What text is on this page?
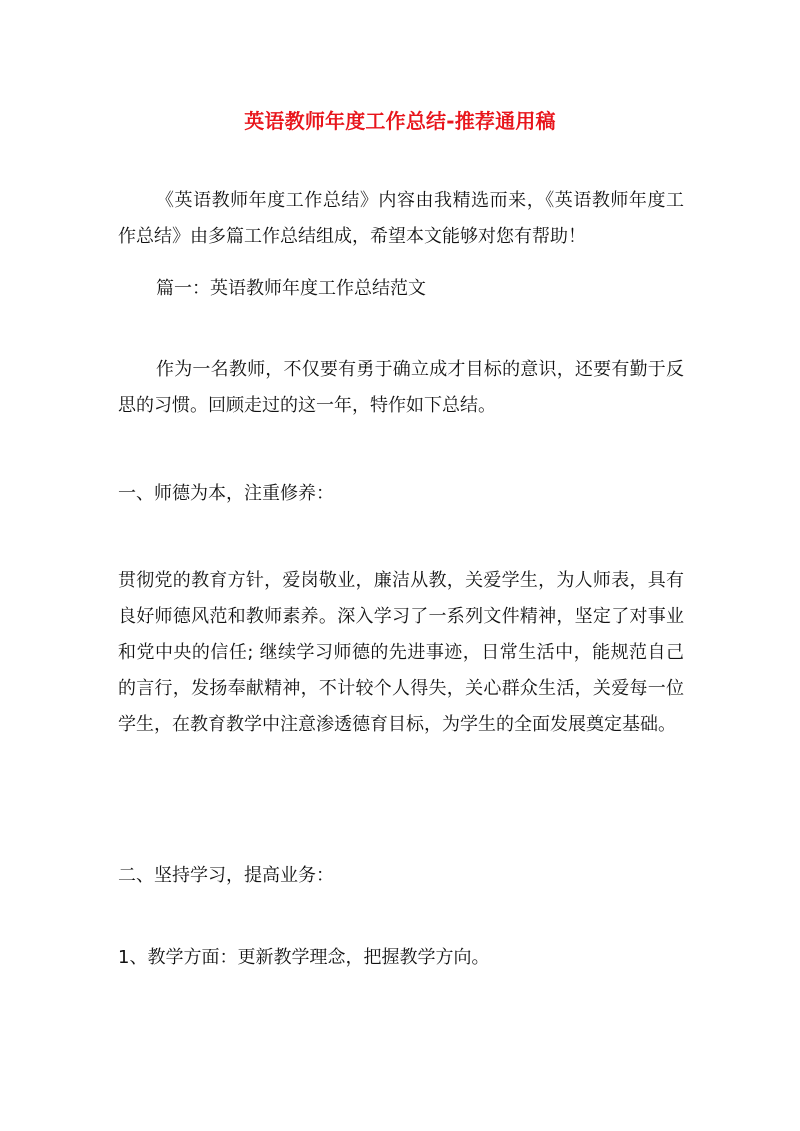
英语教师年度工作总结-推荐通用稿

《英语教师年度工作总结》内容由我精选而来，《英语教师年度工作总结》由多篇工作总结组成，希望本文能够对您有帮助！

篇一：英语教师年度工作总结范文

作为一名教师，不仅要有勇于确立成才目标的意识，还要有勤于反思的习惯。回顾走过的这一年，特作如下总结。

一、师德为本，注重修养：

贯彻党的教育方针，爱岗敬业，廉洁从教，关爱学生，为人师表，具有良好师德风范和教师素养。深入学习了一系列文件精神，坚定了对事业和党中央的信任; 继续学习师德的先进事迹，日常生活中，能规范自己的言行，发扬奉献精神，不计较个人得失，关心群众生活，关爱每一位学生，在教育教学中注意渗透德育目标，为学生的全面发展奠定基础。

二、坚持学习，提高业务：

1、教学方面：更新教学理念，把握教学方向。
